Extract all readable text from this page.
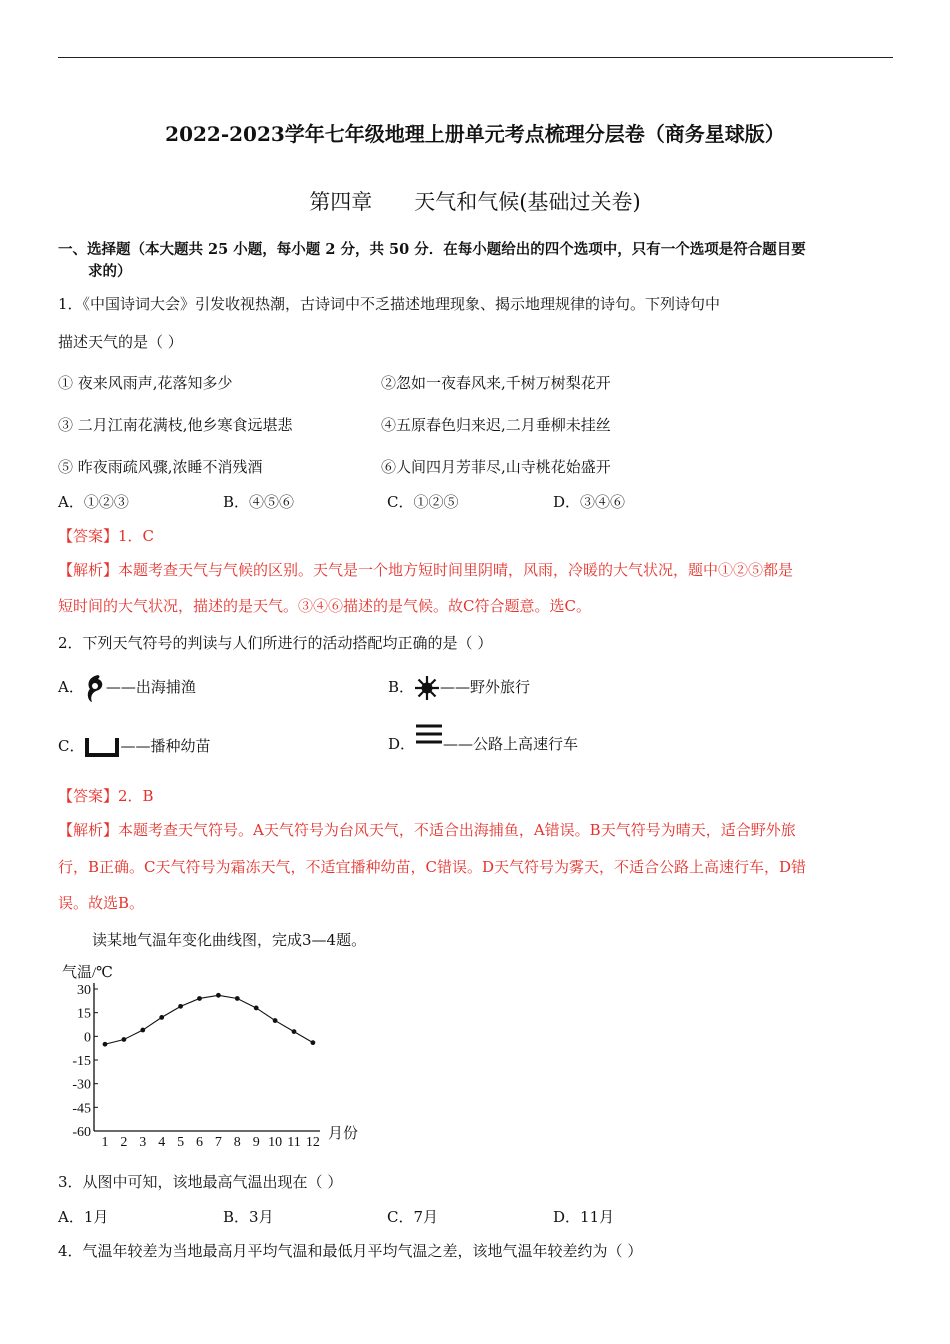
2022-2023学年七年级地理上册单元考点梳理分层卷（商务星球版）
第四章 天气和气候(基础过关卷)
一、选择题（本大题共 25 小题，每小题 2 分，共 50 分．在每小题给出的四个选项中，只有一个选项是符合题目要
求的）
1．《中国诗词大会》引发收视热潮，古诗词中不乏描述地理现象、揭示地理规律的诗句。下列诗句中
描述天气的是（ ）
① 夜来风雨声,花落知多少	②忽如一夜春风来,千树万树梨花开
③ 二月江南花满枝,他乡寒食远堪悲	④五原春色归来迟,二月垂柳未挂丝
⑤ 昨夜雨疏风骤,浓睡不消残酒	⑥人间四月芳菲尽,山寺桃花始盛开
A．①②③	B．④⑤⑥	C．①②⑤	D．③④⑥
【答案】1．C
【解析】本题考查天气与气候的区别。天气是一个地方短时间里阴晴，风雨，冷暖的大气状况，题中①②⑤都是
短时间的大气状况，描述的是天气。③④⑥描述的是气候。故C符合题意。选C。
2．下列天气符号的判读与人们所进行的活动搭配均正确的是（ ）
A． ——出海捕渔	B． ——野外旅行
C． ——播种幼苗	D． ——公路上高速行车
【答案】2．B
【解析】本题考查天气符号。A天气符号为台风天气，不适合出海捕鱼，A错误。B天气符号为晴天，适合野外旅
行，B正确。C天气符号为霜冻天气，不适宜播种幼苗，C错误。D天气符号为雾天，不适合公路上高速行车，D错
误。故选B。
读某地气温年变化曲线图，完成3—4题。
气温/℃
月份
30
15
0
-15
-30
-45
-60
1 2 3 4 5 6 7 8 9 10 11 12
3．从图中可知，该地最高气温出现在（ ）
A．1月	B．3月	C．7月	D．11月
4．气温年较差为当地最高月平均气温和最低月平均气温之差，该地气温年较差约为（ ）
